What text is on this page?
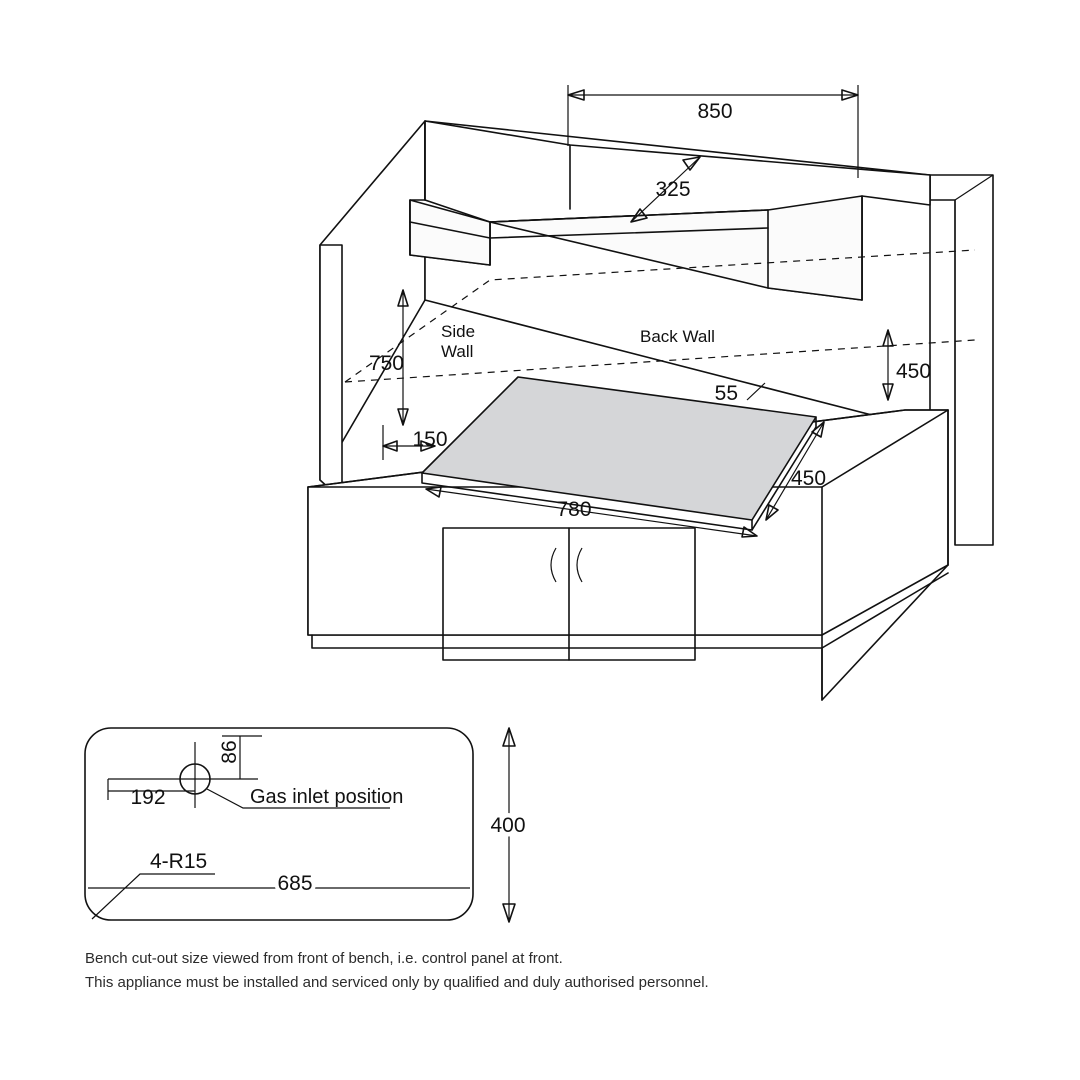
850
325
750
150
450
55
450
780
Side
Wall
Back Wall
Gas inlet position
86
192
4-R15
685
400
Bench cut-out size viewed from front of bench, i.e. control panel at front.
This appliance must be installed and serviced only by qualified and duly authorised personnel.
